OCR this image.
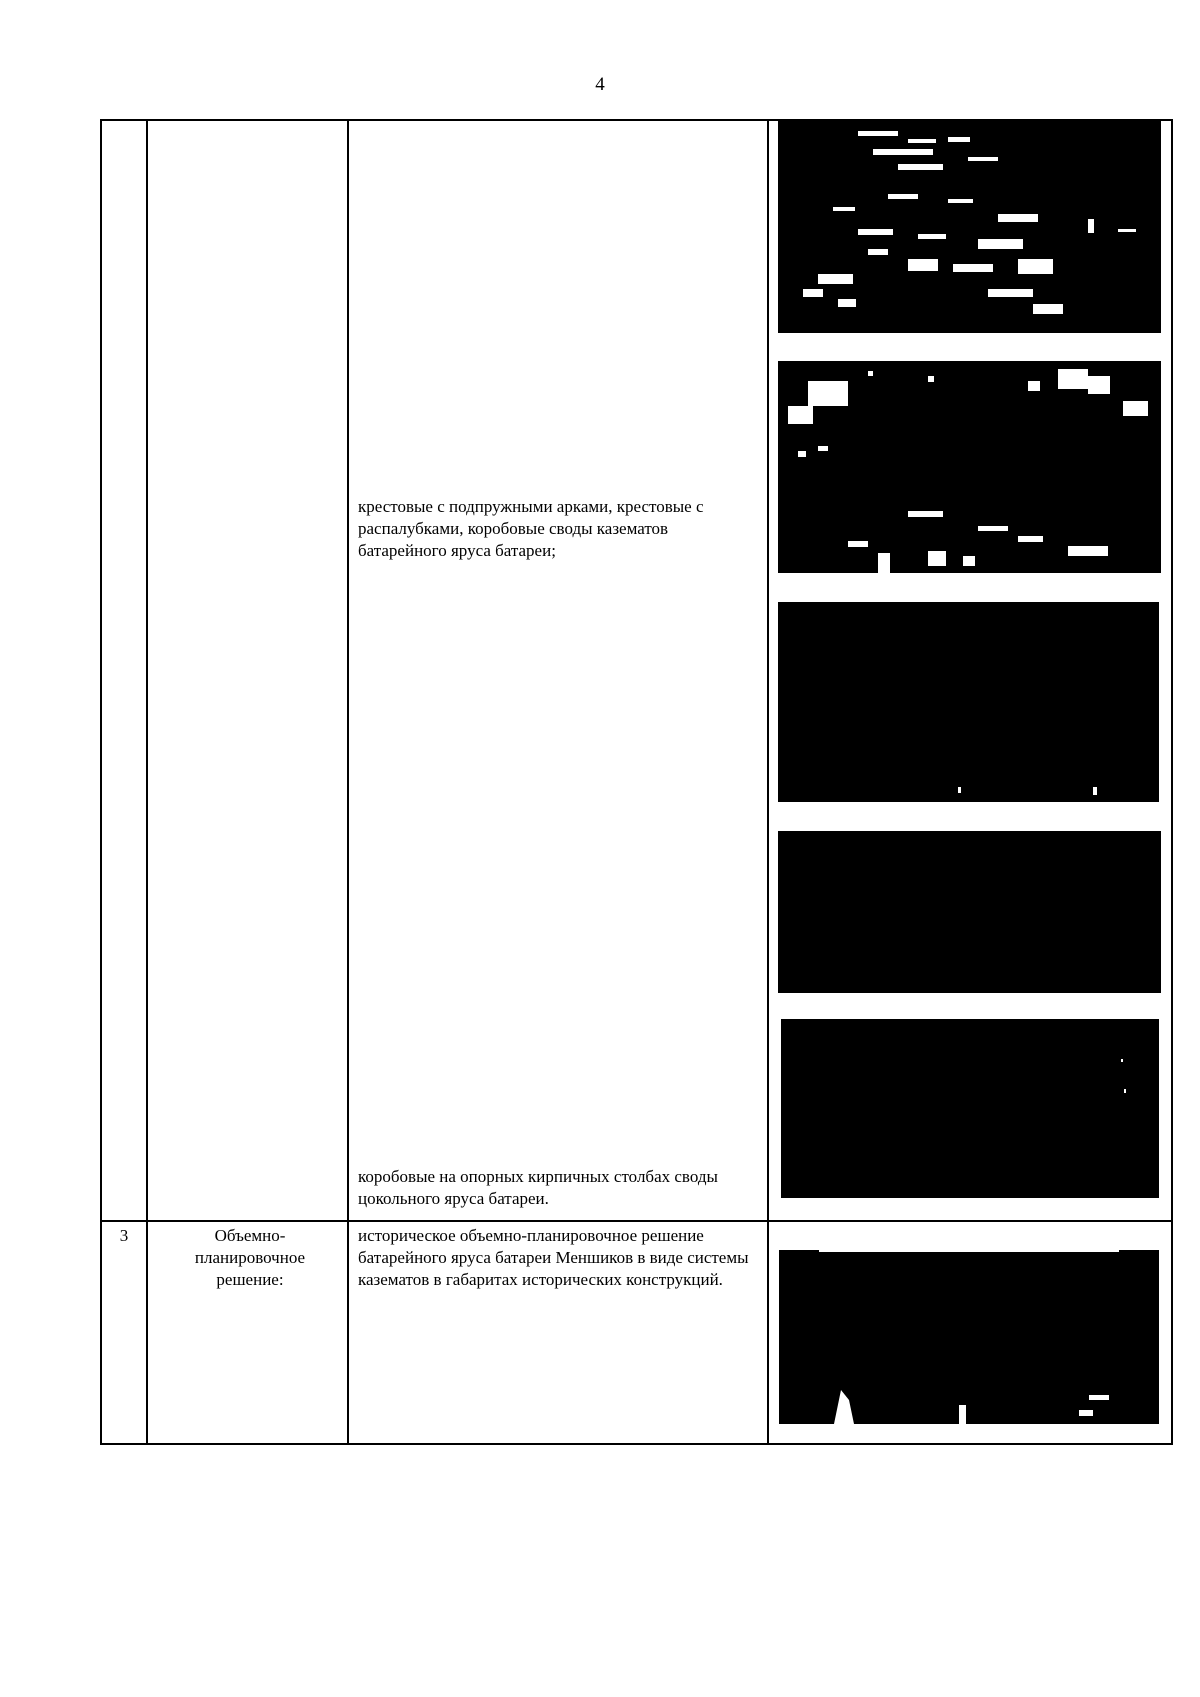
4
крестовые с подпружными арками, крестовые с распалубками, коробовые своды казематов батарейного яруса батареи;
коробовые на опорных кирпичных столбах своды цокольного яруса батареи.
3	Объемно-планировочное решение:
историческое объемно-планировочное решение батарейного яруса батареи Меншиков в виде системы казематов в габаритах исторических конструкций.
